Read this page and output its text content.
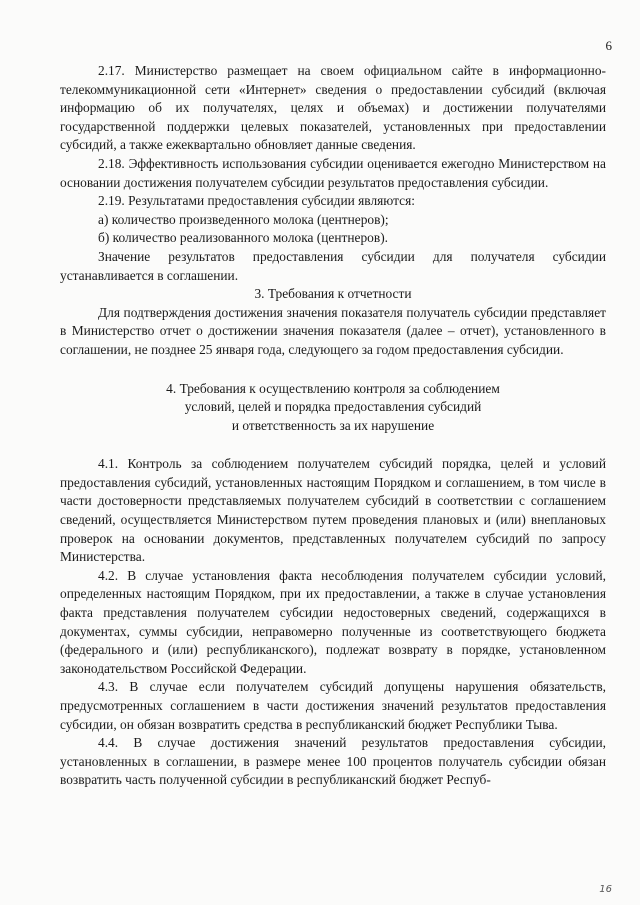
6

2.17. Министерство размещает на своем официальном сайте в информационно-телекоммуникационной сети «Интернет» сведения о предоставлении субсидий (включая информацию об их получателях, целях и объемах) и достижении получателями государственной поддержки целевых показателей, установленных при предоставлении субсидий, а также ежеквартально обновляет данные сведения.

2.18. Эффективность использования субсидии оценивается ежегодно Министерством на основании достижения получателем субсидии результатов предоставления субсидии.

2.19. Результатами предоставления субсидии являются:

а) количество произведенного молока (центнеров);

б) количество реализованного молока (центнеров).

Значение результатов предоставления субсидии для получателя субсидии устанавливается в соглашении.

3. Требования к отчетности

Для подтверждения достижения значения показателя получатель субсидии представляет в Министерство отчет о достижении значения показателя (далее – отчет), установленного в соглашении, не позднее 25 января года, следующего за годом предоставления субсидии.

4. Требования к осуществлению контроля за соблюдением
условий, целей и порядка предоставления субсидий
и ответственность за их нарушение

4.1. Контроль за соблюдением получателем субсидий порядка, целей и условий предоставления субсидий, установленных настоящим Порядком и соглашением, в том числе в части достоверности представляемых получателем субсидий в соответствии с соглашением сведений, осуществляется Министерством путем проведения плановых и (или) внеплановых проверок на основании документов, представленных получателем субсидий по запросу Министерства.

4.2. В случае установления факта несоблюдения получателем субсидии условий, определенных настоящим Порядком, при их предоставлении, а также в случае установления факта представления получателем субсидии недостоверных сведений, содержащихся в документах, суммы субсидии, неправомерно полученные из соответствующего бюджета (федерального и (или) республиканского), подлежат возврату в порядке, установленном законодательством Российской Федерации.

4.3. В случае если получателем субсидий допущены нарушения обязательств, предусмотренных соглашением в части достижения значений результатов предоставления субсидии, он обязан возвратить средства в республиканский бюджет Республики Тыва.

4.4. В случае достижения значений результатов предоставления субсидии, установленных в соглашении, в размере менее 100 процентов получатель субсидии обязан возвратить часть полученной субсидии в республиканский бюджет Респуб-

16
